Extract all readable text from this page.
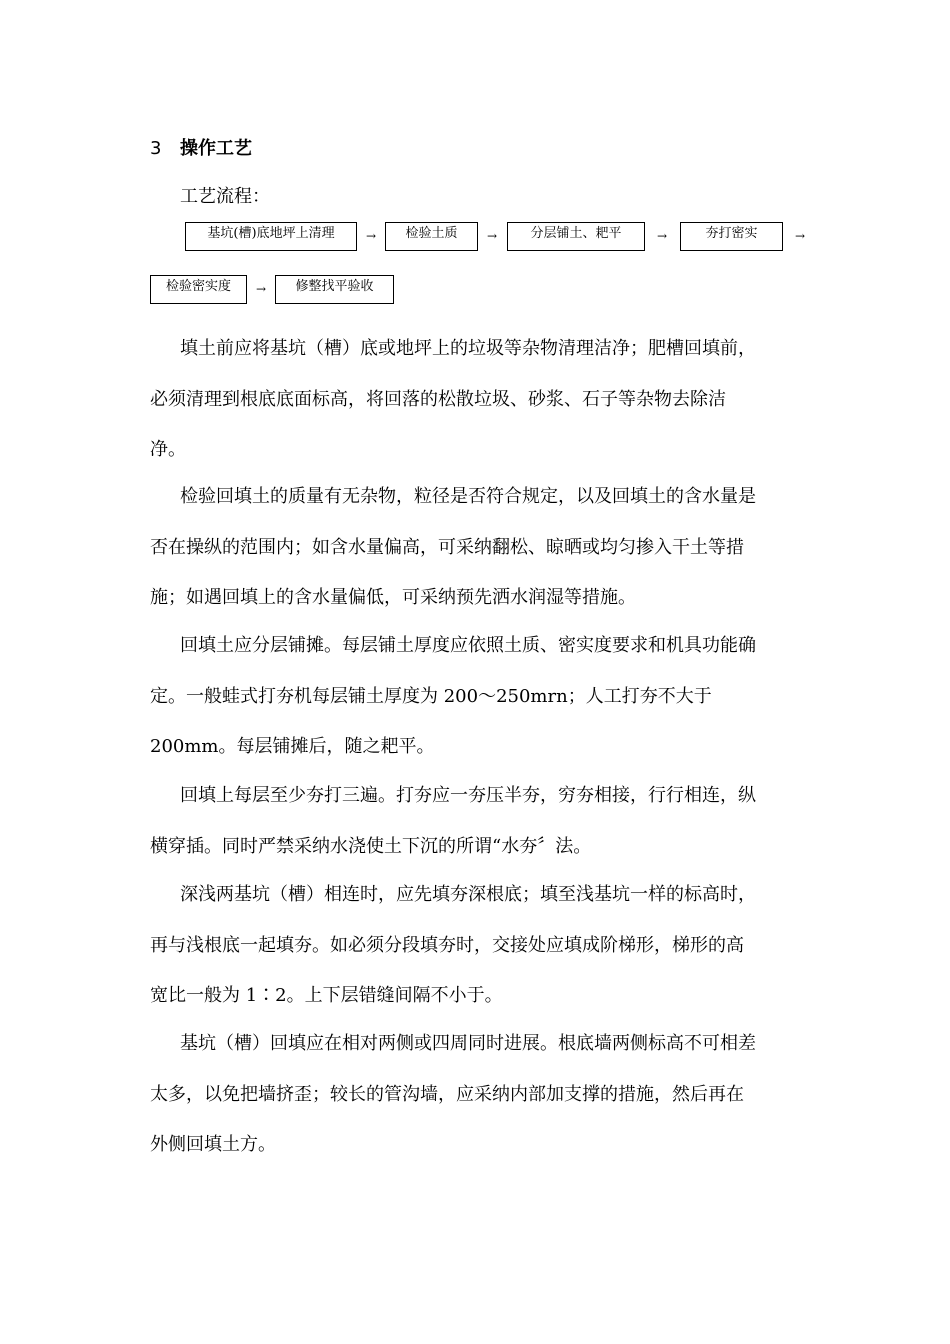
3 操作工艺
工艺流程：
基坑(槽)底地坪上清理	→	检验土质	→	分层铺土、耙平	→	夯打密实	→
检验密实度	→	修整找平验收
填土前应将基坑（槽）底或地坪上的垃圾等杂物清理洁净；肥槽回填前，
必须清理到根底底面标高，将回落的松散垃圾、砂浆、石子等杂物去除洁
净。
检验回填土的质量有无杂物，粒径是否符合规定，以及回填土的含水量是
否在操纵的范围内；如含水量偏高，可采纳翻松、晾晒或均匀掺入干土等措
施；如遇回填上的含水量偏低，可采纳预先洒水润湿等措施。
回填土应分层铺摊。每层铺土厚度应依照土质、密实度要求和机具功能确
定。一般蛙式打夯机每层铺土厚度为 200～250mrn；人工打夯不大于
200mm。每层铺摊后，随之耙平。
回填上每层至少夯打三遍。打夯应一夯压半夯，穷夯相接，行行相连，纵
横穿插。同时严禁采纳水浇使土下沉的所谓“水夯〞法。
深浅两基坑（槽）相连时，应先填夯深根底；填至浅基坑一样的标高时，
再与浅根底一起填夯。如必须分段填夯时，交接处应填成阶梯形，梯形的高
宽比一般为 1∶2。上下层错缝间隔不小于。
基坑（槽）回填应在相对两侧或四周同时进展。根底墙两侧标高不可相差
太多，以免把墙挤歪；较长的管沟墙，应采纳内部加支撑的措施，然后再在
外侧回填土方。
